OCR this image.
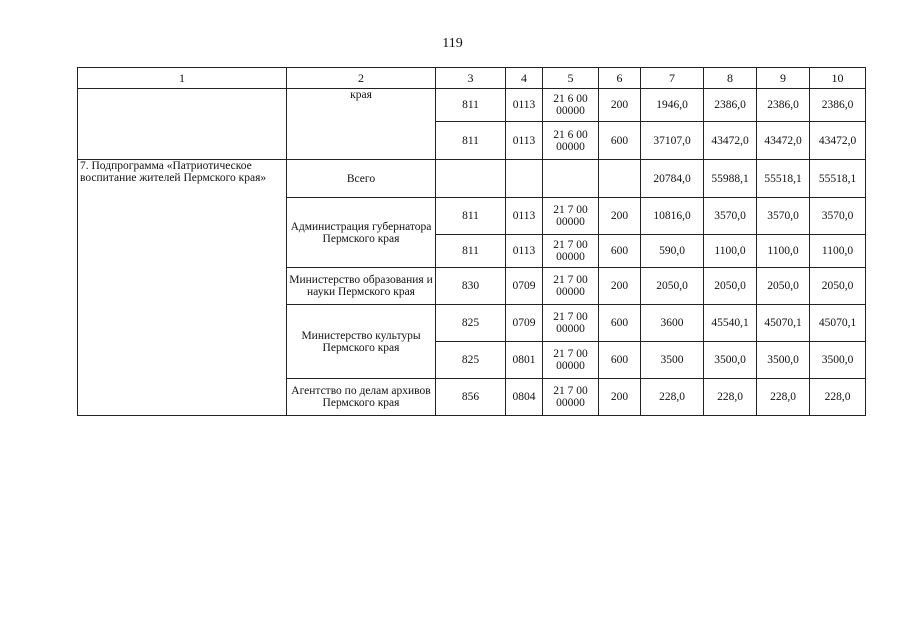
119
1	2	3	4	5	6	7	8	9	10
	края	811	0113	21 6 00 00000	200	1946,0	2386,0	2386,0	2386,0
		811	0113	21 6 00 00000	600	37107,0	43472,0	43472,0	43472,0
7. Подпрограмма «Патриотическое воспитание жителей Пермского края»	Всего					20784,0	55988,1	55518,1	55518,1
	Администрация губернатора Пермского края	811	0113	21 7 00 00000	200	10816,0	3570,0	3570,0	3570,0
		811	0113	21 7 00 00000	600	590,0	1100,0	1100,0	1100,0
	Министерство образования и науки Пермского края	830	0709	21 7 00 00000	200	2050,0	2050,0	2050,0	2050,0
	Министерство культуры Пермского края	825	0709	21 7 00 00000	600	3600	45540,1	45070,1	45070,1
		825	0801	21 7 00 00000	600	3500	3500,0	3500,0	3500,0
	Агентство по делам архивов Пермского края	856	0804	21 7 00 00000	200	228,0	228,0	228,0	228,0
